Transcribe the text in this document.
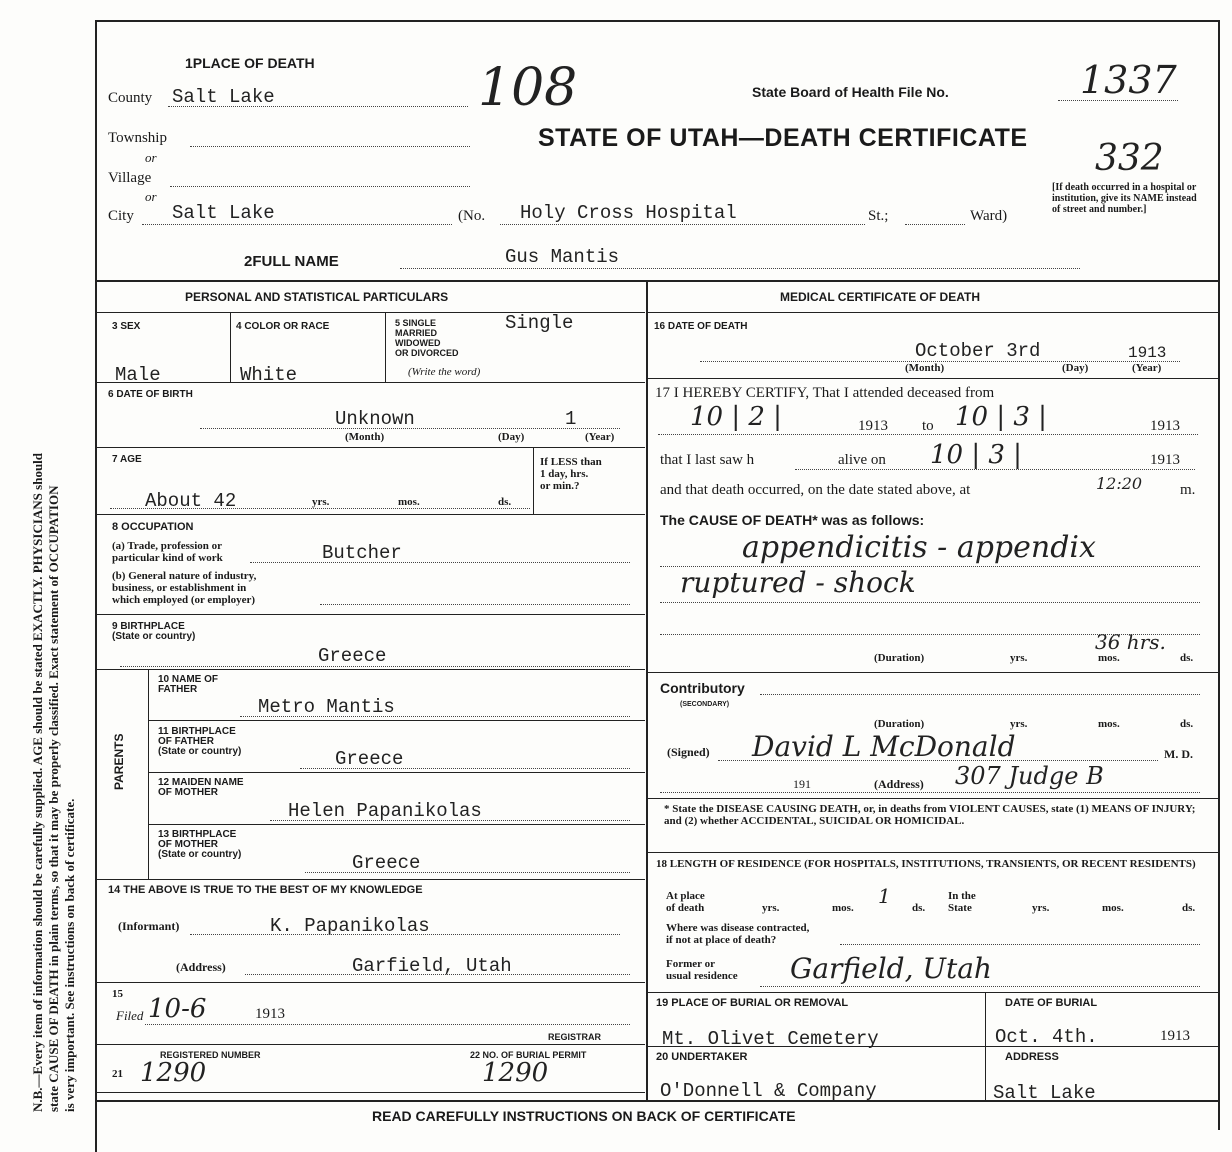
N.B.—Every item of information should be carefully supplied. AGE should be stated EXACTLY. PHYSICIANS should state CAUSE OF DEATH in plain terms, so that it may be properly classified. Exact statement of OCCUPATION is very important. See instructions on back of certificate.
1PLACE OF DEATH
County Salt Lake
Township
or
Village
or
City Salt Lake	(No. Holy Cross Hospital	St.;	Ward)
108	State Board of Health File No.	1337
STATE OF UTAH—DEATH CERTIFICATE 332
[If death occurred in a hospital or institution, give its NAME instead of street and number.]
2FULL NAME	Gus Mantis
PERSONAL AND STATISTICAL PARTICULARS
3 SEX
Male
4 COLOR OR RACE
White
5 SINGLE
MARRIED
WIDOWED
OR DIVORCED
(Write the word)
Single
6 DATE OF BIRTH
Unknown	1
(Month)	(Day)	(Year)
7 AGE
About 42	yrs.	mos.	ds.
If LESS than
1 day, hrs.
or min.?
8 OCCUPATION
(a) Trade, profession or
particular kind of work	Butcher
(b) General nature of industry,
business, or establishment in
which employed (or employer)
9 BIRTHPLACE
(State or country)
Greece
PARENTS
10 NAME OF
FATHER
Metro Mantis
11 BIRTHPLACE
OF FATHER
(State or country)	Greece
12 MAIDEN NAME
OF MOTHER
Helen Papanikolas
13 BIRTHPLACE
OF MOTHER
(State or country)	Greece
14 THE ABOVE IS TRUE TO THE BEST OF MY KNOWLEDGE
(Informant)	K. Papanikolas
(Address)	Garfield, Utah
15
Filed 10-6	1913
REGISTRAR
REGISTERED NUMBER
21 1290
22 NO. OF BURIAL PERMIT
1290
MEDICAL CERTIFICATE OF DEATH
16 DATE OF DEATH
October 3rd	1913
(Month)	(Day)	(Year)
17 I HEREBY CERTIFY, That I attended deceased from
10 | 2 |	1913 to 10 | 3 |	1913
that I last saw h	alive on 10 | 3 |	1913
and that death occurred, on the date stated above, at	12:20	m.
The CAUSE OF DEATH* was as follows:
appendicitis - appendix
ruptured - shock
36 hrs.
(Duration)	yrs.	mos.	ds.
Contributory
(SECONDARY)
(Duration)	yrs.	mos.	ds.
(Signed) David L McDonald	M. D.
191	(Address) 307 Judge B
* State the DISEASE CAUSING DEATH, or, in deaths from VIOLENT CAUSES, state (1) MEANS OF INJURY; and (2) whether ACCIDENTAL, SUICIDAL OR HOMICIDAL.
18 LENGTH OF RESIDENCE (FOR HOSPITALS, INSTITUTIONS, TRANSIENTS, OR RECENT RESIDENTS)
At place
of death	yrs.	mos. 1 ds.
In the
State	yrs.	mos.	ds.
Where was disease contracted,
if not at place of death?
Former or
usual residence Garfield, Utah
19 PLACE OF BURIAL OR REMOVAL
Mt. Olivet Cemetery
DATE OF BURIAL
Oct. 4th.	1913
20 UNDERTAKER
O'Donnell & Company
ADDRESS
Salt Lake
READ CAREFULLY INSTRUCTIONS ON BACK OF CERTIFICATE
